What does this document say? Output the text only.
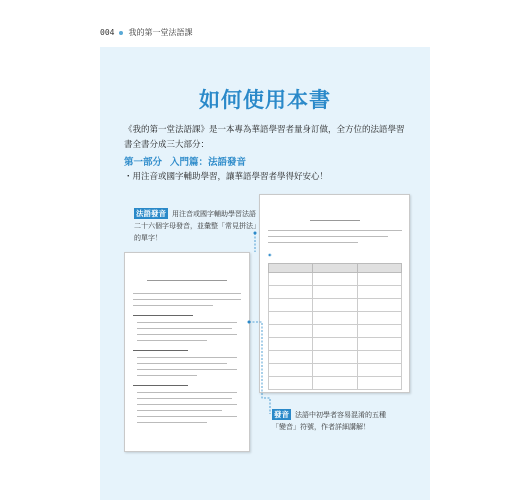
004 我的第一堂法語課
如何使用本書
《我的第一堂法語課》是一本專為華語學習者量身訂做，全方位的法語學習書全書分成三大部分：
第一部分 入門篇：法語發音
・用注音或國字輔助學習，讓華語學習者學得好安心！

◉

法語發音 用注音或國字輔助學習法語二十六個字母發音，並彙整「常見拼法」的單字！
發音 法語中初學者容易混淆的五種「變音」符號，作者詳細講解！
